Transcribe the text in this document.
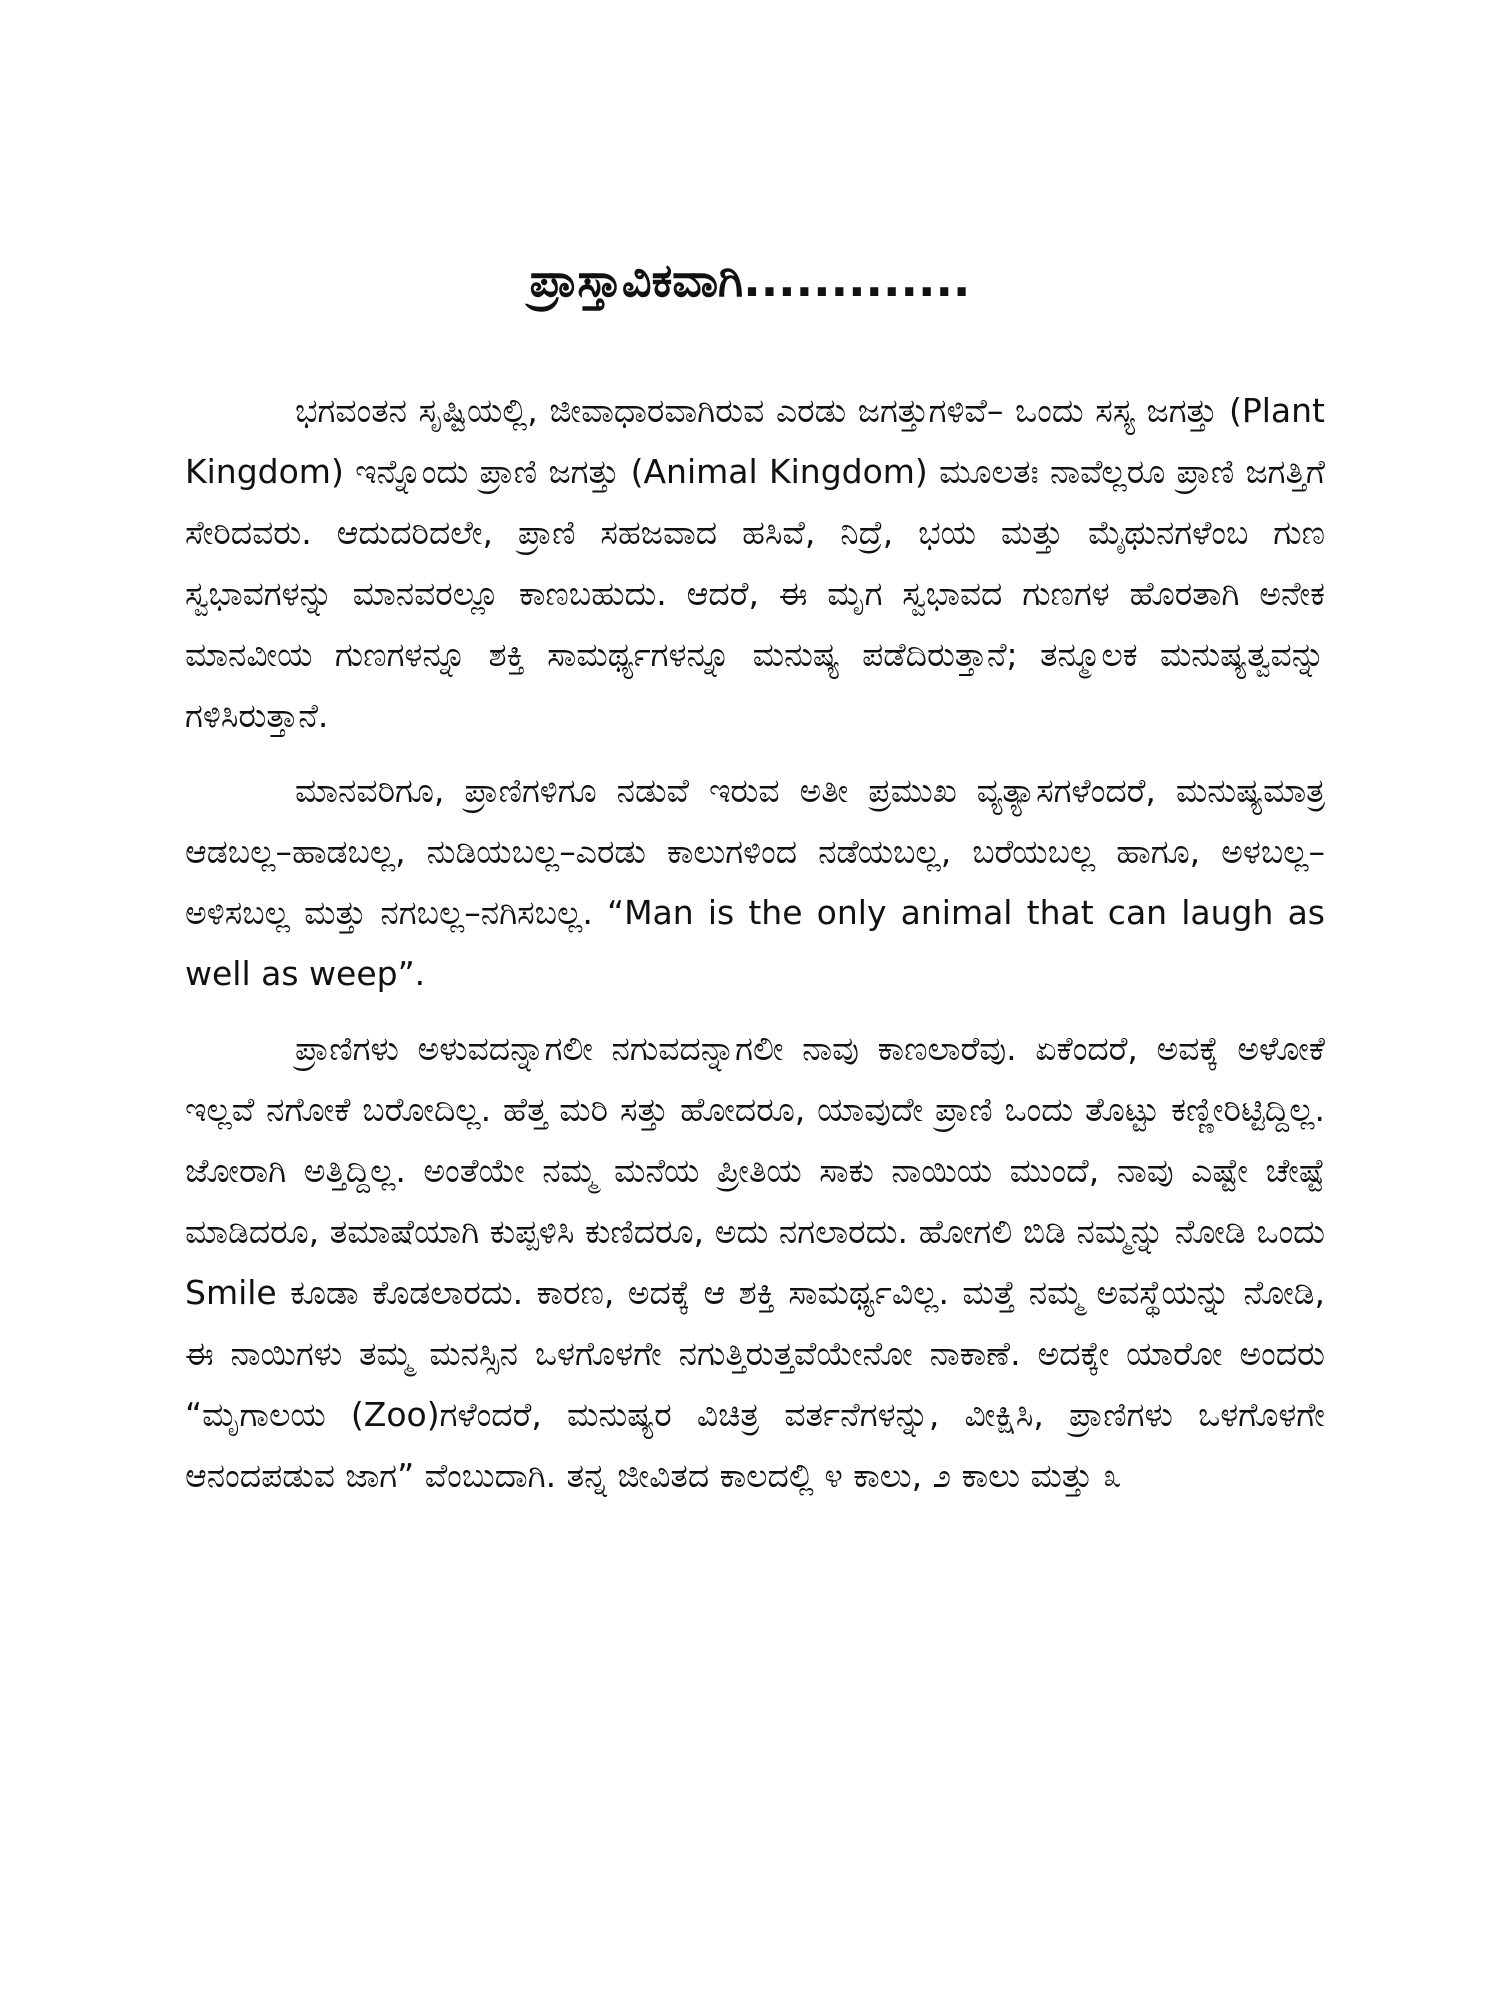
ಪ್ರಾಸ್ತಾವಿಕವಾಗಿ.............

ಭಗವಂತನ ಸೃಷ್ಟಿಯಲ್ಲಿ, ಜೀವಾಧಾರವಾಗಿರುವ ಎರಡು ಜಗತ್ತುಗಳಿವೆ– ಒಂದು ಸಸ್ಯ ಜಗತ್ತು (Plant Kingdom) ಇನ್ನೊಂದು ಪ್ರಾಣಿ ಜಗತ್ತು (Animal Kingdom) ಮೂಲತಃ ನಾವೆಲ್ಲರೂ ಪ್ರಾಣಿ ಜಗತ್ತಿಗೆ ಸೇರಿದವರು. ಆದುದರಿದಲೇ, ಪ್ರಾಣಿ ಸಹಜವಾದ ಹಸಿವೆ, ನಿದ್ರೆ, ಭಯ ಮತ್ತು ಮೈಥುನಗಳೆಂಬ ಗುಣ ಸ್ವಭಾವಗಳನ್ನು ಮಾನವರಲ್ಲೂ ಕಾಣಬಹುದು. ಆದರೆ, ಈ ಮೃಗ ಸ್ವಭಾವದ ಗುಣಗಳ ಹೊರತಾಗಿ ಅನೇಕ ಮಾನವೀಯ ಗುಣಗಳನ್ನೂ ಶಕ್ತಿ ಸಾಮರ್ಥ್ಯಗಳನ್ನೂ ಮನುಷ್ಯ ಪಡೆದಿರುತ್ತಾನೆ; ತನ್ಮೂಲಕ ಮನುಷ್ಯತ್ವವನ್ನು ಗಳಿಸಿರುತ್ತಾನೆ.

ಮಾನವರಿಗೂ, ಪ್ರಾಣಿಗಳಿಗೂ ನಡುವೆ ಇರುವ ಅತೀ ಪ್ರಮುಖ ವ್ಯತ್ಯಾಸಗಳೆಂದರೆ, ಮನುಷ್ಯಮಾತ್ರ ಆಡಬಲ್ಲ–ಹಾಡಬಲ್ಲ, ನುಡಿಯಬಲ್ಲ–ಎರಡು ಕಾಲುಗಳಿಂದ ನಡೆಯಬಲ್ಲ, ಬರೆಯಬಲ್ಲ ಹಾಗೂ, ಅಳಬಲ್ಲ–ಅಳಿಸಬಲ್ಲ ಮತ್ತು ನಗಬಲ್ಲ–ನಗಿಸಬಲ್ಲ. “Man is the only animal that can laugh as well as weep”.

ಪ್ರಾಣಿಗಳು ಅಳುವದನ್ನಾಗಲೀ ನಗುವದನ್ನಾಗಲೀ ನಾವು ಕಾಣಲಾರೆವು. ಏಕೆಂದರೆ, ಅವಕ್ಕೆ ಅಳೋಕೆ ಇಲ್ಲವೆ ನಗೋಕೆ ಬರೋದಿಲ್ಲ. ಹೆತ್ತ ಮರಿ ಸತ್ತು ಹೋದರೂ, ಯಾವುದೇ ಪ್ರಾಣಿ ಒಂದು ತೊಟ್ಟು ಕಣ್ಣೀರಿಟ್ಟಿದ್ದಿಲ್ಲ. ಜೋರಾಗಿ ಅತ್ತಿದ್ದಿಲ್ಲ. ಅಂತೆಯೇ ನಮ್ಮ ಮನೆಯ ಪ್ರೀತಿಯ ಸಾಕು ನಾಯಿಯ ಮುಂದೆ, ನಾವು ಎಷ್ಟೇ ಚೇಷ್ಟೆ ಮಾಡಿದರೂ, ತಮಾಷೆಯಾಗಿ ಕುಪ್ಪಳಿಸಿ ಕುಣಿದರೂ, ಅದು ನಗಲಾರದು. ಹೋಗಲಿ ಬಿಡಿ ನಮ್ಮನ್ನು ನೋಡಿ ಒಂದು Smile ಕೂಡಾ ಕೊಡಲಾರದು. ಕಾರಣ, ಅದಕ್ಕೆ ಆ ಶಕ್ತಿ ಸಾಮರ್ಥ್ಯವಿಲ್ಲ. ಮತ್ತೆ ನಮ್ಮ ಅವಸ್ಥೆಯನ್ನು ನೋಡಿ, ಈ ನಾಯಿಗಳು ತಮ್ಮ ಮನಸ್ಸಿನ ಒಳಗೊಳಗೇ ನಗುತ್ತಿರುತ್ತವೆಯೇನೋ ನಾಕಾಣೆ. ಅದಕ್ಕೇ ಯಾರೋ ಅಂದರು “ಮೃಗಾಲಯ (Zoo)ಗಳೆಂದರೆ, ಮನುಷ್ಯರ ವಿಚಿತ್ರ ವರ್ತನೆಗಳನ್ನು, ವೀಕ್ಷಿಸಿ, ಪ್ರಾಣಿಗಳು ಒಳಗೊಳಗೇ ಆನಂದಪಡುವ ಜಾಗ” ವೆಂಬುದಾಗಿ. ತನ್ನ ಜೀವಿತದ ಕಾಲದಲ್ಲಿ ೪ ಕಾಲು, ೨ ಕಾಲು ಮತ್ತು ೩
